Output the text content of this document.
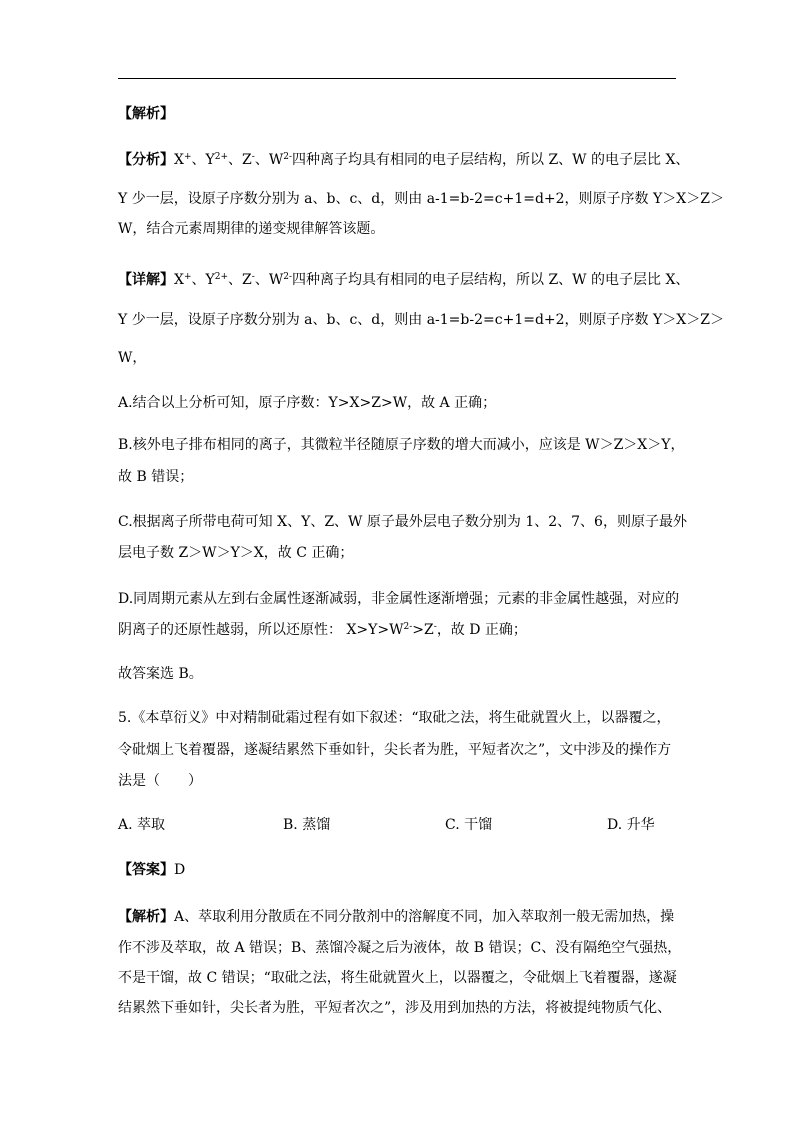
【解析】
【分析】X+、$Y^{2+}$、Z-、$W^{2-}$四种离子均具有相同的电子层结构，所以 Z、W 的电子层比 X、
Y 少一层，设原子序数分别为 a、b、c、d，则由 a-1=b-2=c+1=d+2，则原子序数 Y＞X＞Z＞
W，结合元素周期律的递变规律解答该题。
【详解】X+、$Y^{2+}$、Z-、$W^{2-}$四种离子均具有相同的电子层结构，所以 Z、W 的电子层比 X、
Y 少一层，设原子序数分别为 a、b、c、d，则由 a-1=b-2=c+1=d+2，则原子序数 Y＞X＞Z＞
W，
A.结合以上分析可知，原子序数：Y>X>Z>W，故 A 正确；
B.核外电子排布相同的离子，其微粒半径随原子序数的增大而减小，应该是 W＞Z＞X＞Y，
故 B 错误；
C.根据离子所带电荷可知 X、Y、Z、W 原子最外层电子数分别为 1、2、7、6，则原子最外
层电子数 Z＞W＞Y＞X，故 C 正确；
D.同周期元素从左到右金属性逐渐减弱，非金属性逐渐增强；元素的非金属性越强，对应的
阴离子的还原性越弱，所以还原性： $X>Y>W^{2-}>Z^-$，故 D 正确；
故答案选 B。
5.《本草衍义》中对精制砒霜过程有如下叙述：“取砒之法，将生砒就置火上，以器覆之，
令砒烟上飞着覆器，遂凝结累然下垂如针，尖长者为胜，平短者次之”，文中涉及的操作方
法是（　　）
A. 萃取	B. 蒸馏	C. 干馏	D. 升华
【答案】D
【解析】A、萃取利用分散质在不同分散剂中的溶解度不同，加入萃取剂一般无需加热，操
作不涉及萃取，故 A 错误；B、蒸馏冷凝之后为液体，故 B 错误；C、没有隔绝空气强热，
不是干馏，故 C 错误；“取砒之法，将生砒就置火上，以器覆之，令砒烟上飞着覆器，遂凝
结累然下垂如针，尖长者为胜，平短者次之”，涉及用到加热的方法，将被提纯物质气化、
